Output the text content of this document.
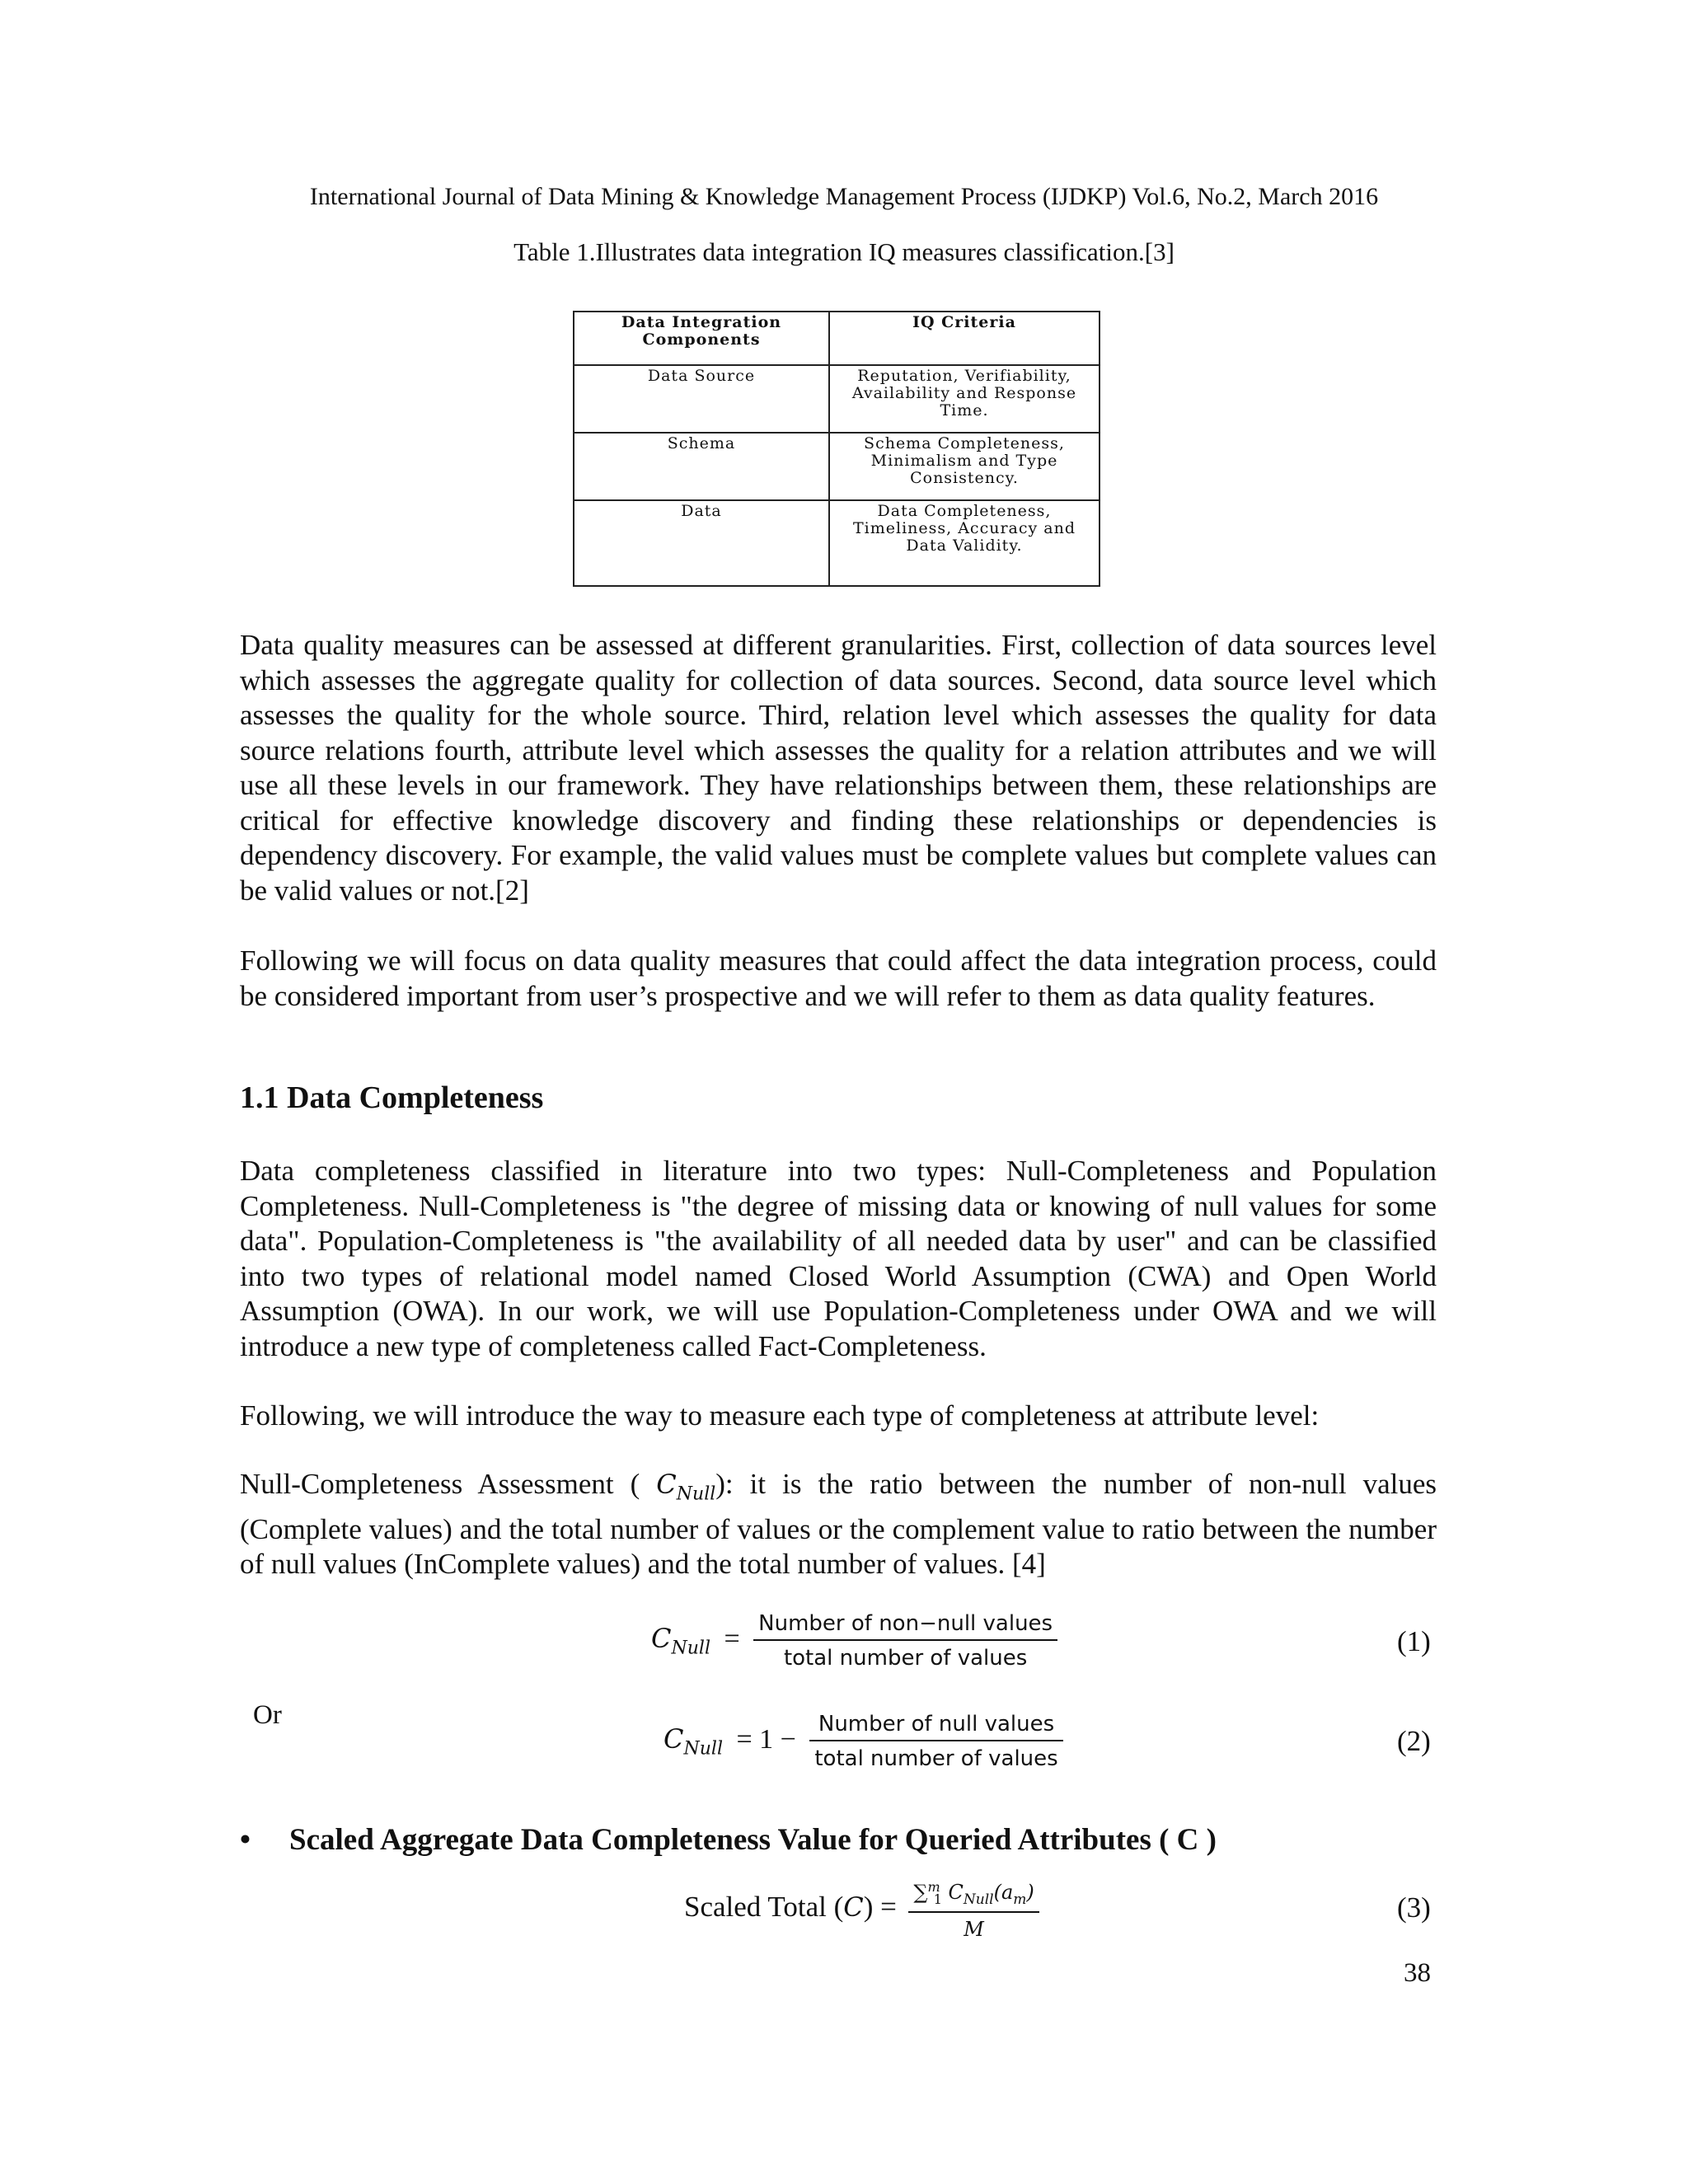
International Journal of Data Mining & Knowledge Management Process (IJDKP) Vol.6, No.2, March 2016
Table 1.Illustrates data integration IQ measures classification.[3]
Data Integration Components	IQ Criteria
Data Source	Reputation, Verifiability, Availability and Response Time.
Schema	Schema Completeness, Minimalism and Type Consistency.
Data	Data Completeness, Timeliness, Accuracy and Data Validity.

Data quality measures can be assessed at different granularities. First, collection of data sources level which assesses the aggregate quality for collection of data sources. Second, data source level which assesses the quality for the whole source. Third, relation level which assesses the quality for data source relations fourth, attribute level which assesses the quality for a relation attributes and we will use all these levels in our framework. They have relationships between them, these relationships are critical for effective knowledge discovery and finding these relationships or dependencies is dependency discovery. For example, the valid values must be complete values but complete values can be valid values or not.[2]

Following we will focus on data quality measures that could affect the data integration process, could be considered important from user’s prospective and we will refer to them as data quality features.

1.1 Data Completeness

Data completeness classified in literature into two types: Null-Completeness and Population Completeness. Null-Completeness is "the degree of missing data or knowing of null values for some data". Population-Completeness is "the availability of all needed data by user" and can be classified into two types of relational model named Closed World Assumption (CWA) and Open World Assumption (OWA). In our work, we will use Population-Completeness under OWA and we will introduce a new type of completeness called Fact-Completeness.

Following, we will introduce the way to measure each type of completeness at attribute level:

Null-Completeness Assessment ( $C_{Null}$): it is the ratio between the number of non-null values (Complete values) and the total number of values or the complement value to ratio between the number of null values (InComplete values) and the total number of values. [4]

$C_{Null} = \frac{\text{Number of non−null values}}{\text{total number of values}}$	(1)
Or
$C_{Null} = 1 - \frac{\text{Number of null values}}{\text{total number of values}}$	(2)
• Scaled Aggregate Data Completeness Value for Queried Attributes ( C )
Scaled Total $(C) = \frac{\sum^m_1 C_{Null}(a_m)}{M}$	(3)
38
